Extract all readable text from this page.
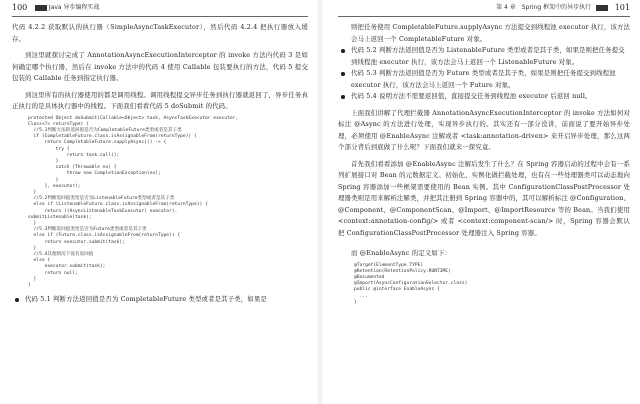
100	Java 异步编程实战

代码 4.2.2 获取默认的执行器（SimpleAsyncTaskExecutor），然后代码 4.2.4 把执行器放入缓存。

到这里就探讨完成了 AnnotationAsyncExecutionInterceptor 的 invoke 方法内代码 3 是如何确定哪个执行器，然后在 invoke 方法中的代码 4 使用 Callable 包装要执行的方法，代码 5 提交包装的 Callable 任务到指定执行器。

到这里所有的执行器使用的都是调用线程。调用线程提交异步任务到执行器就返回了，异步任务真正执行的是具体执行器中的线程。下面我们看看代码 5 doSubmit 的代码。

protected Object doSubmit(Callable<Object> task, AsyncTaskExecutor executor,
Class<?> returnType) {
//5.1判断方法的返回值是否为CompletableFuture类型或者是其子类
if (CompletableFuture.class.isAssignableFrom(returnType)) {
return CompletableFuture.supplyAsync(() -> {
try {
return task.call();
}
catch (Throwable ex) {
throw new CompletionException(ex);
}
}, executor);
}
//5.2判断返回值类型是否为ListenableFuture类型或者是其子类
else if (ListenableFuture.class.isAssignableFrom(returnType)) {
return ((AsyncListenableTaskExecutor) executor).
submitListenable(task);
}
//5.3判断返回值类型是否为Future类型或者是其子类
else if (Future.class.isAssignableFrom(returnType)) {
return executor.submit(task);
}
//5.4其他情况下没有返回值
else {
executor.submit(task);
return null;
}
}
代码 5.1 判断方法返回值是否为 CompletableFuture 类型或者是其子类，如果是
第 4 章　Spring 框架中的异步执行	101

则把任务使用 CompletableFuture.supplyAsync 方法提交到线程池 executor 执行，该方法会马上返回一个 CompletableFuture 对象。

代码 5.2 判断方法返回值是否为 ListenableFuture 类型或者是其子类，如果是则把任务提交到线程池 executor 执行，该方法会马上返回一个 ListenableFuture 对象。
代码 5.3 判断方法返回值是否为 Future 类型或者是其子类，如果是则把任务提交到线程池 executor 执行，该方法会马上返回一个 Future 对象。
代码 5.4 说明方法不需要返回值，直接提交任务到线程池 executor 后返回 null。

上面我们讲解了代理拦截器 AnnotationAsyncExecutionInterceptor 的 invoke 方法如何对标注 @Async 的方法进行处理，实现异步执行的。其实还有一部分没讲，前面说了要开始异步处理，必须使用 @EnableAsync 注解或者 <task:annotation-driven> 来开启异步处理，那么这两个部分背后到底做了什么呢？下面我们就来一探究竟。

首先我们看看添加 @EnableAsync 注解后发生了什么？在 Spring 容器启动的过程中会有一系列扩展接口对 Bean 的元数据定义、初始化、实例化做拦截处理，也有在一些处理器类可以动态地向 Spring 容器添加一些框架需要使用的 Bean 实例。其中 ConfigurationClassPostProcessor 处理器类则是用来解析注解类，并把其注册到 Spring 容器中的，其可以解析标注 @Configuration、@Component、@ComponentScan、@Import、@ImportResource 等的 Bean。当我们使用 <context:annotation-config/> 或者 <context:component-scan/> 时，Spring 容器会默认把 ConfigurationClassPostProcessor 处理器注入 Spring 容器。

而 @EnableAsync 的定义如下：

@Target(ElementType.TYPE)
@Retention(RetentionPolicy.RUNTIME)
@Documented
@Import(AsyncConfigurationSelector.class)
public @interface EnableAsync {
...
}
